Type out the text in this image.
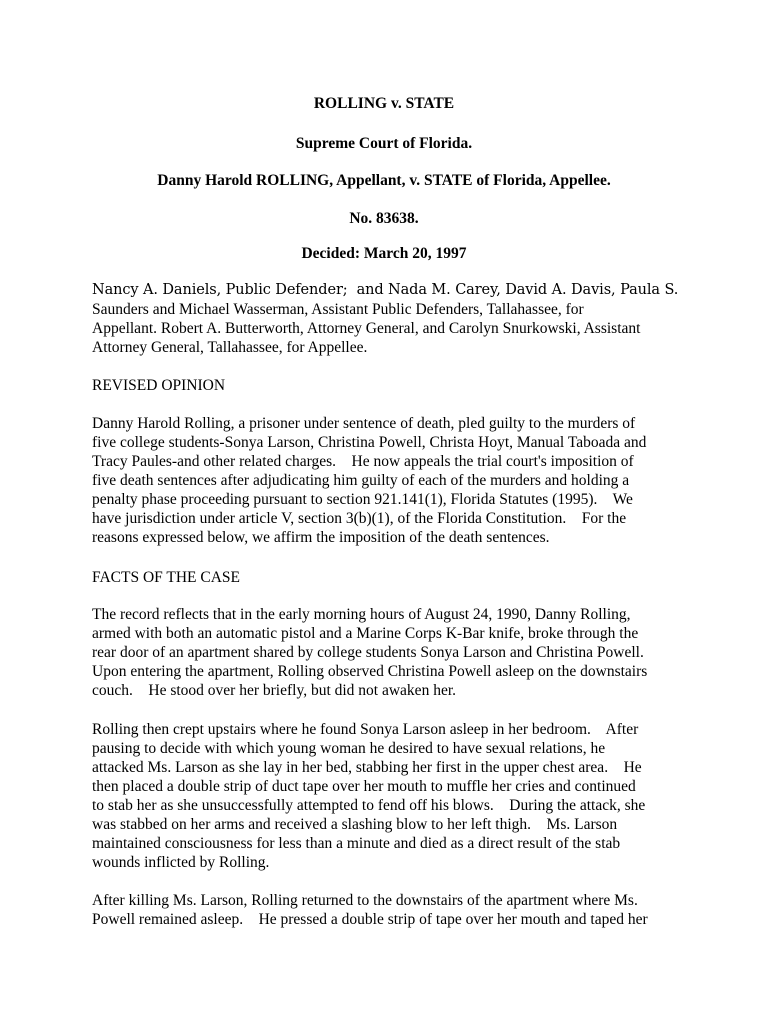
ROLLING v. STATE
Supreme Court of Florida.
Danny Harold ROLLING, Appellant, v. STATE of Florida, Appellee.
No. 83638.
Decided: March 20, 1997

Nancy A. Daniels, Public Defender;  and Nada M. Carey, David A. Davis, Paula S.
Saunders and Michael Wasserman, Assistant Public Defenders, Tallahassee, for
Appellant. Robert A. Butterworth, Attorney General, and Carolyn Snurkowski, Assistant
Attorney General, Tallahassee, for Appellee.

REVISED OPINION

Danny Harold Rolling, a prisoner under sentence of death, pled guilty to the murders of
five college students-Sonya Larson, Christina Powell, Christa Hoyt, Manual Taboada and
Tracy Paules-and other related charges.    He now appeals the trial court's imposition of
five death sentences after adjudicating him guilty of each of the murders and holding a
penalty phase proceeding pursuant to section 921.141(1), Florida Statutes (1995).    We
have jurisdiction under article V, section 3(b)(1), of the Florida Constitution.    For the
reasons expressed below, we affirm the imposition of the death sentences.

FACTS OF THE CASE

The record reflects that in the early morning hours of August 24, 1990, Danny Rolling,
armed with both an automatic pistol and a Marine Corps K-Bar knife, broke through the
rear door of an apartment shared by college students Sonya Larson and Christina Powell.
Upon entering the apartment, Rolling observed Christina Powell asleep on the downstairs
couch.    He stood over her briefly, but did not awaken her.

Rolling then crept upstairs where he found Sonya Larson asleep in her bedroom.    After
pausing to decide with which young woman he desired to have sexual relations, he
attacked Ms. Larson as she lay in her bed, stabbing her first in the upper chest area.    He
then placed a double strip of duct tape over her mouth to muffle her cries and continued
to stab her as she unsuccessfully attempted to fend off his blows.    During the attack, she
was stabbed on her arms and received a slashing blow to her left thigh.    Ms. Larson
maintained consciousness for less than a minute and died as a direct result of the stab
wounds inflicted by Rolling.

After killing Ms. Larson, Rolling returned to the downstairs of the apartment where Ms.
Powell remained asleep.    He pressed a double strip of tape over her mouth and taped her
